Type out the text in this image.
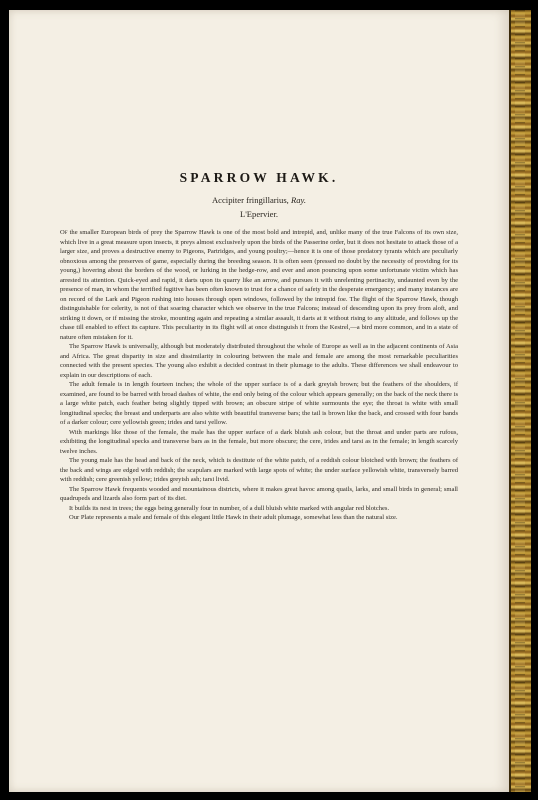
SPARROW HAWK.

Accipiter fringillarius, Ray.

L'Epervier.

Of the smaller European birds of prey the Sparrow Hawk is one of the most bold and intrepid, and, unlike many of the true Falcons of its own size, which live in a great measure upon insects, it preys almost exclusively upon the birds of the Passerine order, but it does not hesitate to attack those of a larger size, and proves a destructive enemy to Pigeons, Partridges, and young poultry;—hence it is one of those predatory tyrants which are peculiarly obnoxious among the preserves of game, especially during the breeding season. It is often seen (pressed no doubt by the necessity of providing for its young,) hovering about the borders of the wood, or lurking in the hedge-row, and ever and anon pouncing upon some unfortunate victim which has arrested its attention. Quick-eyed and rapid, it darts upon its quarry like an arrow, and pursues it with unrelenting pertinacity, undaunted even by the presence of man, in whom the terrified fugitive has been often known to trust for a chance of safety in the desperate emergency; and many instances are on record of the Lark and Pigeon rushing into houses through open windows, followed by the intrepid foe. The flight of the Sparrow Hawk, though distinguishable for celerity, is not of that soaring character which we observe in the true Falcons; instead of descending upon its prey from aloft, and striking it down, or if missing the stroke, mounting again and repeating a similar assault, it darts at it without rising to any altitude, and follows up the chase till enabled to effect its capture. This peculiarity in its flight will at once distinguish it from the Kestrel,—a bird more common, and in a state of nature often mistaken for it.

The Sparrow Hawk is universally, although but moderately distributed throughout the whole of Europe as well as in the adjacent continents of Asia and Africa. The great disparity in size and dissimilarity in colouring between the male and female are among the most remarkable peculiarities connected with the present species. The young also exhibit a decided contrast in their plumage to the adults. These differences we shall endeavour to explain in our descriptions of each.

The adult female is in length fourteen inches; the whole of the upper surface is of a dark greyish brown; but the feathers of the shoulders, if examined, are found to be barred with broad dashes of white, the end only being of the colour which appears generally; on the back of the neck there is a large white patch, each feather being slightly tipped with brown; an obscure stripe of white surmounts the eye; the throat is white with small longitudinal specks; the breast and underparts are also white with beautiful transverse bars; the tail is brown like the back, and crossed with four bands of a darker colour; cere yellowish green; irides and tarsi yellow.

With markings like those of the female, the male has the upper surface of a dark bluish ash colour, but the throat and under parts are rufous, exhibiting the longitudinal specks and transverse bars as in the female, but more obscure; the cere, irides and tarsi as in the female; in length scarcely twelve inches.

The young male has the head and back of the neck, which is destitute of the white patch, of a reddish colour blotched with brown; the feathers of the back and wings are edged with reddish; the scapulars are marked with large spots of white; the under surface yellowish white, transversely barred with reddish; cere greenish yellow; irides greyish ash; tarsi livid.

The Sparrow Hawk frequents wooded and mountainous districts, where it makes great havoc among quails, larks, and small birds in general; small quadrupeds and lizards also form part of its diet.

It builds its nest in trees; the eggs being generally four in number, of a dull bluish white marked with angular red blotches.

Our Plate represents a male and female of this elegant little Hawk in their adult plumage, somewhat less than the natural size.
